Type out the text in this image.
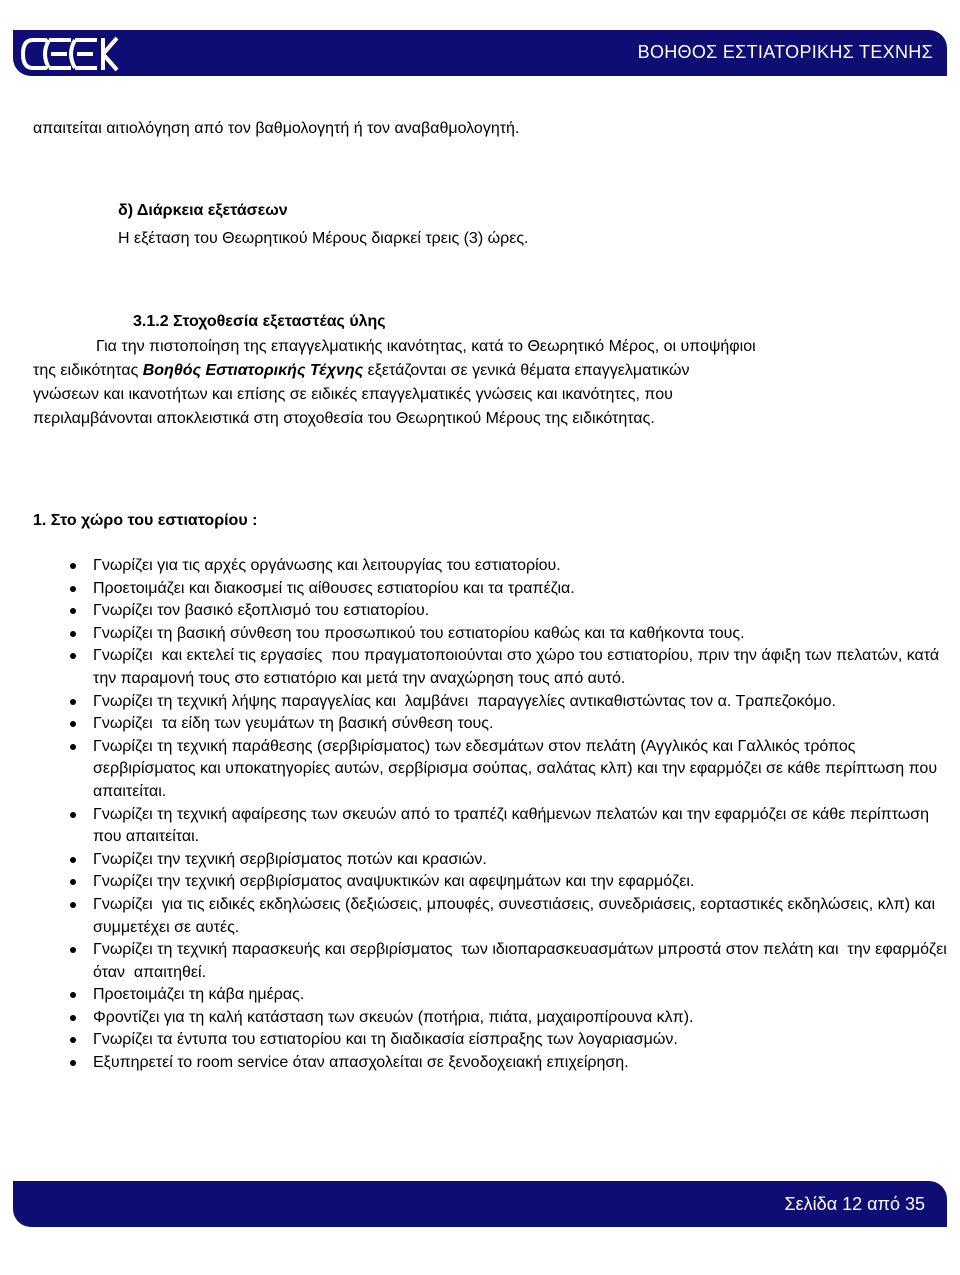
ΒΟΗΘΟΣ ΕΣΤΙΑΤΟΡΙΚΗΣ ΤΕΧΝΗΣ
απαιτείται αιτιολόγηση από τον βαθμολογητή ή τον αναβαθμολογητή.
δ) Διάρκεια εξετάσεων
Η εξέταση του Θεωρητικού Μέρους διαρκεί τρεις (3) ώρες.
3.1.2 Στοχοθεσία εξεταστέας ύλης
Για την πιστοποίηση της επαγγελματικής ικανότητας, κατά το Θεωρητικό Μέρος, οι υποψήφιοι
της ειδικότητας Βοηθός Εστιατορικής Τέχνης εξετάζονται σε γενικά θέματα επαγγελματικών
γνώσεων και ικανοτήτων και επίσης σε ειδικές επαγγελματικές γνώσεις και ικανότητες, που
περιλαμβάνονται αποκλειστικά στη στοχοθεσία του Θεωρητικού Μέρους της ειδικότητας.
1. Στο χώρο του εστιατορίου :
Γνωρίζει για τις αρχές οργάνωσης και λειτουργίας του εστιατορίου.
Προετοιμάζει και διακοσμεί τις αίθουσες εστιατορίου και τα τραπέζια.
Γνωρίζει τον βασικό εξοπλισμό του εστιατορίου.
Γνωρίζει τη βασική σύνθεση του προσωπικού του εστιατορίου καθώς και τα καθήκοντα τους.
Γνωρίζει  και εκτελεί τις εργασίες  που πραγματοποιούνται στο χώρο του εστιατορίου, πριν την άφιξη των πελατών, κατά την παραμονή τους στο εστιατόριο και μετά την αναχώρηση τους από αυτό.
Γνωρίζει τη τεχνική λήψης παραγγελίας και  λαμβάνει  παραγγελίες αντικαθιστώντας τον α. Τραπεζοκόμο.
Γνωρίζει  τα είδη των γευμάτων τη βασική σύνθεση τους.
Γνωρίζει τη τεχνική παράθεσης (σερβιρίσματος) των εδεσμάτων στον πελάτη (Αγγλικός και Γαλλικός τρόπος σερβιρίσματος και υποκατηγορίες αυτών, σερβίρισμα σούπας, σαλάτας κλπ) και την εφαρμόζει σε κάθε περίπτωση που απαιτείται.
Γνωρίζει τη τεχνική αφαίρεσης των σκευών από το τραπέζι καθήμενων πελατών και την εφαρμόζει σε κάθε περίπτωση που απαιτείται.
Γνωρίζει την τεχνική σερβιρίσματος ποτών και κρασιών.
Γνωρίζει την τεχνική σερβιρίσματος αναψυκτικών και αφεψημάτων και την εφαρμόζει.
Γνωρίζει  για τις ειδικές εκδηλώσεις (δεξιώσεις, μπουφές, συνεστιάσεις, συνεδριάσεις, εορταστικές εκδηλώσεις, κλπ) και συμμετέχει σε αυτές.
Γνωρίζει τη τεχνική παρασκευής και σερβιρίσματος  των ιδιοπαρασκευασμάτων μπροστά στον πελάτη και  την εφαρμόζει όταν  απαιτηθεί.
Προετοιμάζει τη κάβα ημέρας.
Φροντίζει για τη καλή κατάσταση των σκευών (ποτήρια, πιάτα, μαχαιροπίρουνα κλπ).
Γνωρίζει τα έντυπα του εστιατορίου και τη διαδικασία είσπραξης των λογαριασμών.
Εξυπηρετεί το room service όταν απασχολείται σε ξενοδοχειακή επιχείρηση.
Σελίδα 12 από 35
